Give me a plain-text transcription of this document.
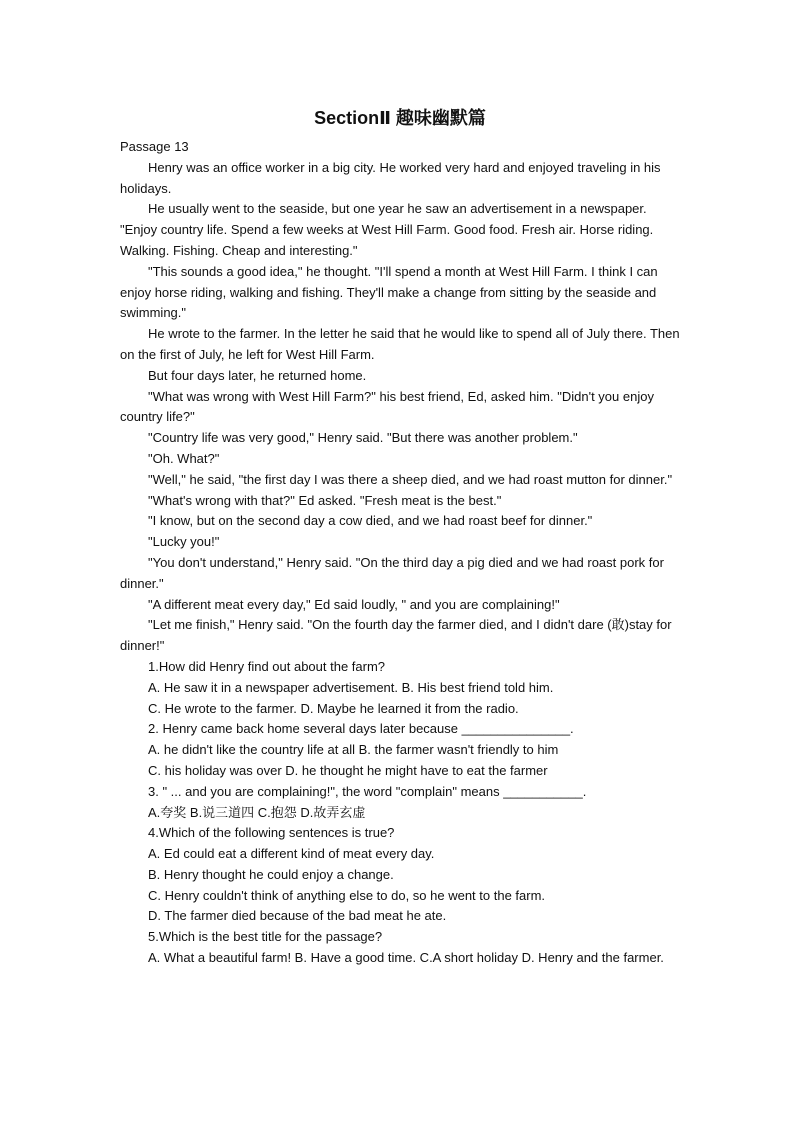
SectionⅡ 趣味幽默篇
Passage 13

Henry was an office worker in a big city. He worked very hard and enjoyed traveling in his holidays.

He usually went to the seaside, but one year he saw an advertisement in a newspaper. "Enjoy country life. Spend a few weeks at West Hill Farm. Good food. Fresh air. Horse riding. Walking. Fishing. Cheap and interesting."

"This sounds a good idea," he thought. "I'll spend a month at West Hill Farm. I think I can enjoy horse riding, walking and fishing. They'll make a change from sitting by the seaside and swimming."

He wrote to the farmer. In the letter he said that he would like to spend all of July there. Then on the first of July, he left for West Hill Farm.

But four days later, he returned home.

"What was wrong with West Hill Farm?" his best friend, Ed, asked him. "Didn't you enjoy country life?"

"Country life was very good," Henry said. "But there was another problem."

"Oh. What?"

"Well," he said, "the first day I was there a sheep died, and we had roast mutton for dinner."

"What's wrong with that?" Ed asked. "Fresh meat is the best."

"I know, but on the second day a cow died, and we had roast beef for dinner."

"Lucky you!"

"You don't understand," Henry said. "On the third day a pig died and we had roast pork for dinner."

"A different meat every day," Ed said loudly, " and you are complaining!"

"Let me finish," Henry said. "On the fourth day the farmer died, and I didn't dare (敢)stay for dinner!"

1.How did Henry find out about the farm?

A. He saw it in a newspaper advertisement. B. His best friend told him.

C. He wrote to the farmer. D. Maybe he learned it from the radio.

2. Henry came back home several days later because _______________.

A. he didn't like the country life at all B. the farmer wasn't friendly to him

C. his holiday was over D. he thought he might have to eat the farmer

3. " ... and you are complaining!", the word "complain" means ___________.

A.夸奖 B.说三道四 C.抱怨 D.故弄玄虚

4.Which of the following sentences is true?

A. Ed could eat a different kind of meat every day.

B. Henry thought he could enjoy a change.

C. Henry couldn't think of anything else to do, so he went to the farm.

D. The farmer died because of the bad meat he ate.

5.Which is the best title for the passage?

A. What a beautiful farm! B. Have a good time. C.A short holiday D. Henry and the farmer.
